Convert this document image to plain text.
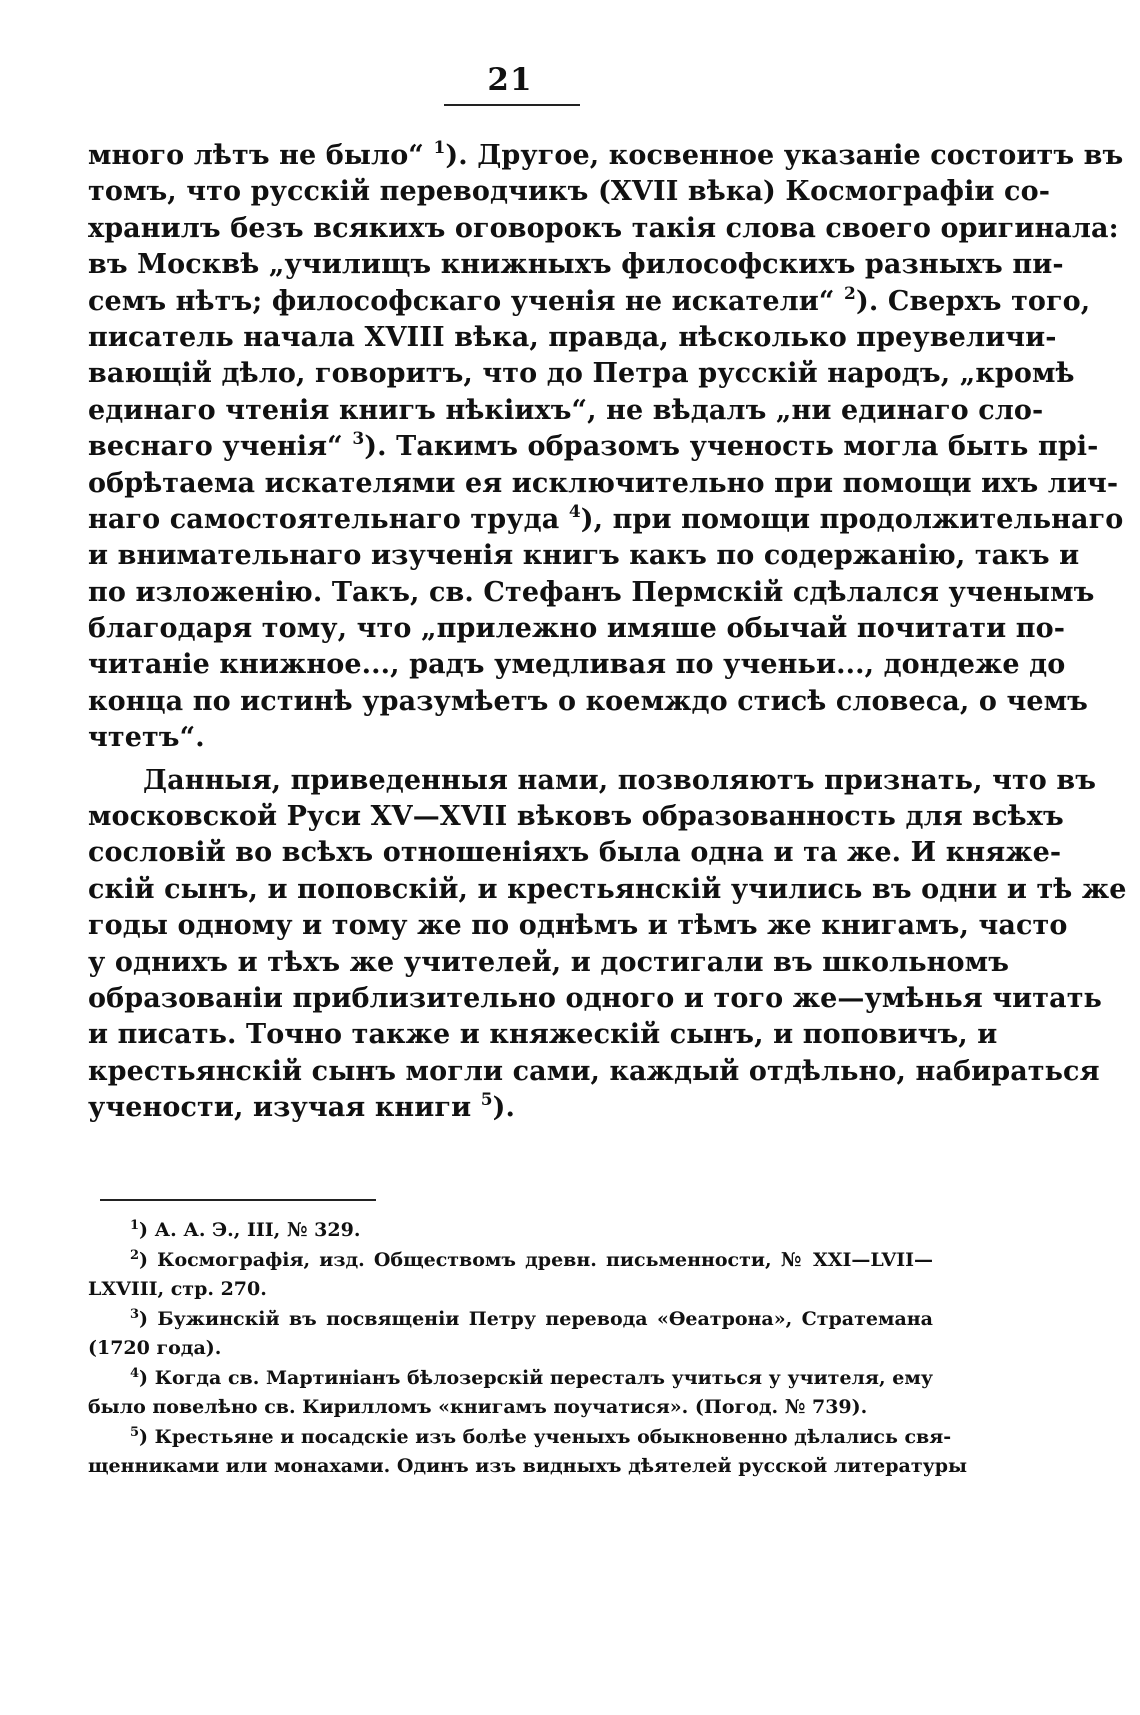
21
много лѣтъ не было“ $^1$). Другое, косвенное указаніе состоитъ въ
томъ, что русскій переводчикъ (XVII вѣка) Космографіи со-
хранилъ безъ всякихъ оговорокъ такія слова своего оригинала:
въ Москвѣ „училищъ книжныхъ философскихъ разныхъ пи-
семъ нѣтъ; философскаго ученія не искатели“ $^2$). Сверхъ того,
писатель начала XVIII вѣка, правда, нѣсколько преувеличи-
вающій дѣло, говоритъ, что до Петра русскій народъ, „кромѣ
единаго чтенія книгъ нѣкіихъ“, не вѣдалъ „ни единаго сло-
веснаго ученія“ $^3$). Такимъ образомъ ученость могла быть прі-
обрѣтаема искателями ея исключительно при помощи ихъ лич-
наго самостоятельнаго труда $^4$), при помощи продолжительнаго
и внимательнаго изученія книгъ какъ по содержанію, такъ и
по изложенію. Такъ, св. Стефанъ Пермскій сдѣлался ученымъ
благодаря тому, что „прилежно имяше обычай почитати по-
читаніе книжное..., радъ умедливая по ученьи..., дондеже до
конца по истинѣ уразумѣетъ о коемждо стисѣ словеса, о чемъ
чтетъ“.
Данныя, приведенныя нами, позволяютъ признать, что въ
московской Руси XV—XVII вѣковъ образованность для всѣхъ
сословій во всѣхъ отношеніяхъ была одна и та же. И княже-
скій сынъ, и поповскій, и крестьянскій учились въ одни и тѣ же
годы одному и тому же по однѣмъ и тѣмъ же книгамъ, часто
у однихъ и тѣхъ же учителей, и достигали въ школьномъ
образованіи приблизительно одного и того же—умѣнья читать
и писать. Точно также и княжескій сынъ, и поповичъ, и
крестьянскій сынъ могли сами, каждый отдѣльно, набираться
учености, изучая книги $^5$).
$^1$) А. А. Э., III, № 329.
$^2$) Космографія, изд. Обществомъ древн. письменности, № XXI—LVII—
LXVIII, стр. 270.
$^3$) Бужинскій въ посвященіи Петру перевода «Ѳеатрона», Стратемана
(1720 года).
$^4$) Когда св. Мартиніанъ бѣлозерскій пересталъ учиться у учителя, ему
было повелѣно св. Кирилломъ «книгамъ поучатися». (Погод. № 739).
$^5$) Крестьяне и посадскіе изъ болѣе ученыхъ обыкновенно дѣлались свя-
щенниками или монахами. Одинъ изъ видныхъ дѣятелей русской литературы
